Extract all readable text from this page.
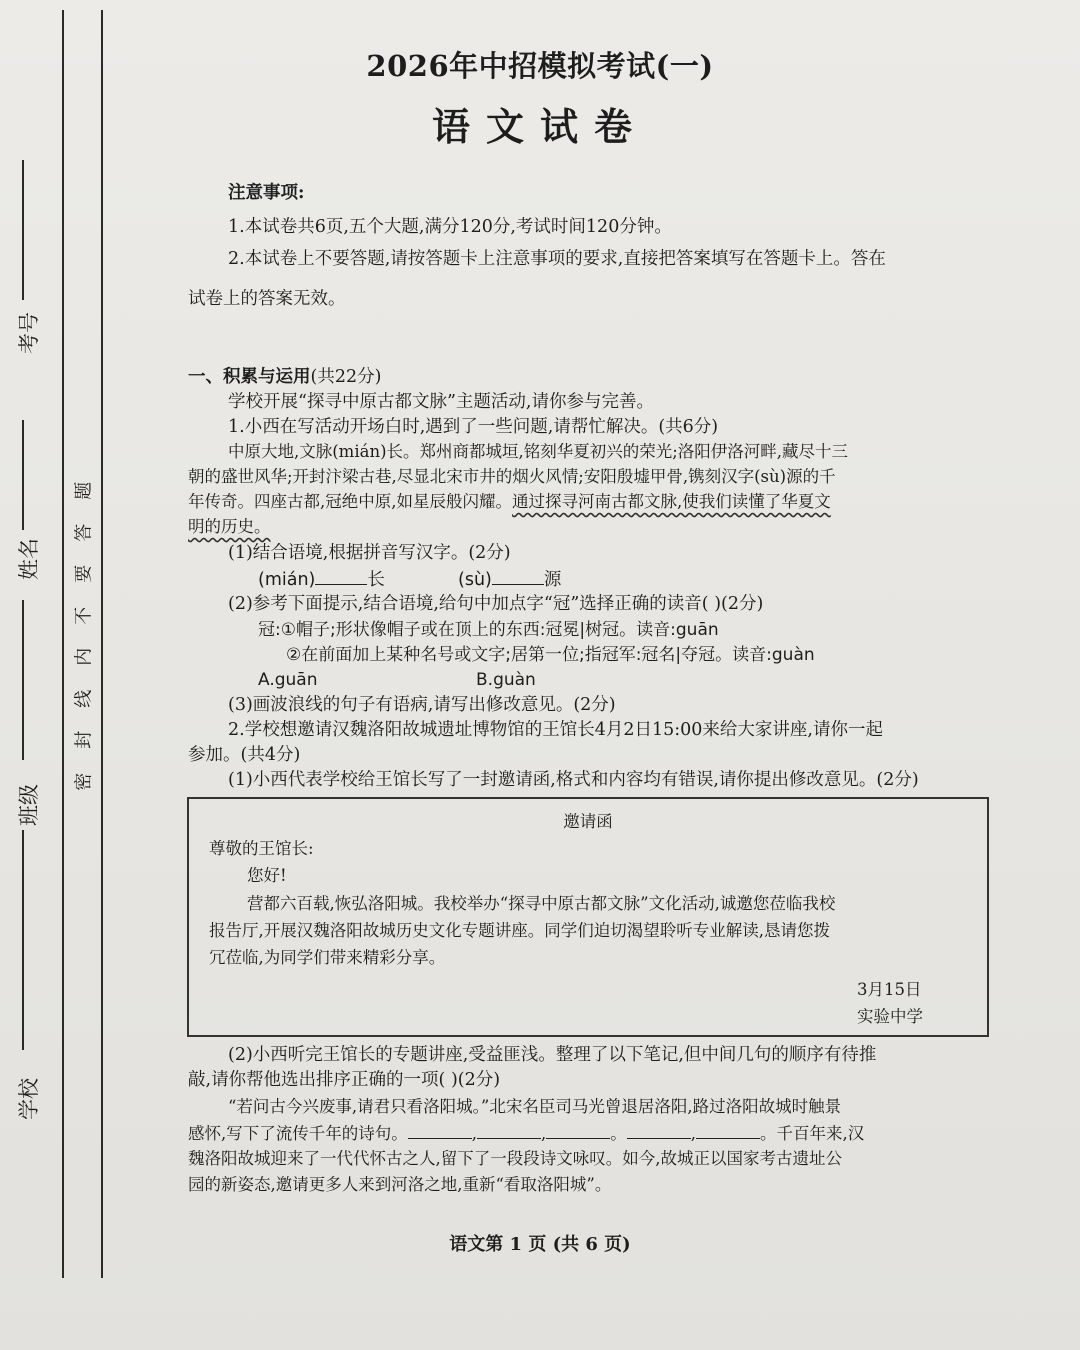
考号
姓名
班级
学校
题
答
要
不
内
线
封
密
2026年中招模拟考试(一)
语文试卷
注意事项:
1.本试卷共6页,五个大题,满分120分,考试时间120分钟。
2.本试卷上不要答题,请按答题卡上注意事项的要求,直接把答案填写在答题卡上。答在
试卷上的答案无效。
一、积累与运用(共22分)
学校开展“探寻中原古都文脉”主题活动,请你参与完善。
1.小西在写活动开场白时,遇到了一些问题,请帮忙解决。(共6分)
中原大地,文脉(mián)长。郑州商都城垣,铭刻华夏初兴的荣光;洛阳伊洛河畔,藏尽十三
朝的盛世风华;开封汴梁古巷,尽显北宋市井的烟火风情;安阳殷墟甲骨,镌刻汉字(sù)源的千
年传奇。四座古都,冠绝中原,如星辰般闪耀。通过探寻河南古都文脉,使我们读懂了华夏文
明的历史。
(1)结合语境,根据拼音写汉字。(2分)
(mián)	长	(sù)	源
(2)参考下面提示,结合语境,给句中加点字“冠”选择正确的读音( )(2分)
冠:①帽子;形状像帽子或在顶上的东西:冠冕|树冠。读音:guān
②在前面加上某种名号或文字;居第一位;指冠军:冠名|夺冠。读音:guàn
A.guān	B.guàn
(3)画波浪线的句子有语病,请写出修改意见。(2分)
2.学校想邀请汉魏洛阳故城遗址博物馆的王馆长4月2日15:00来给大家讲座,请你一起
参加。(共4分)
(1)小西代表学校给王馆长写了一封邀请函,格式和内容均有错误,请你提出修改意见。(2分)
邀请函
尊敬的王馆长:
您好!
营都六百载,恢弘洛阳城。我校举办“探寻中原古都文脉”文化活动,诚邀您莅临我校
报告厅,开展汉魏洛阳故城历史文化专题讲座。同学们迫切渴望聆听专业解读,恳请您拨
冗莅临,为同学们带来精彩分享。
3月15日
实验中学
(2)小西听完王馆长的专题讲座,受益匪浅。整理了以下笔记,但中间几句的顺序有待推
敲,请你帮他选出排序正确的一项( )(2分)
“若问古今兴废事,请君只看洛阳城。”北宋名臣司马光曾退居洛阳,路过洛阳故城时触景
感怀,写下了流传千年的诗句。	,	,	。	,	。千百年来,汉
魏洛阳故城迎来了一代代怀古之人,留下了一段段诗文咏叹。如今,故城正以国家考古遗址公
园的新姿态,邀请更多人来到河洛之地,重新“看取洛阳城”。
语文第 1 页 (共 6 页)
